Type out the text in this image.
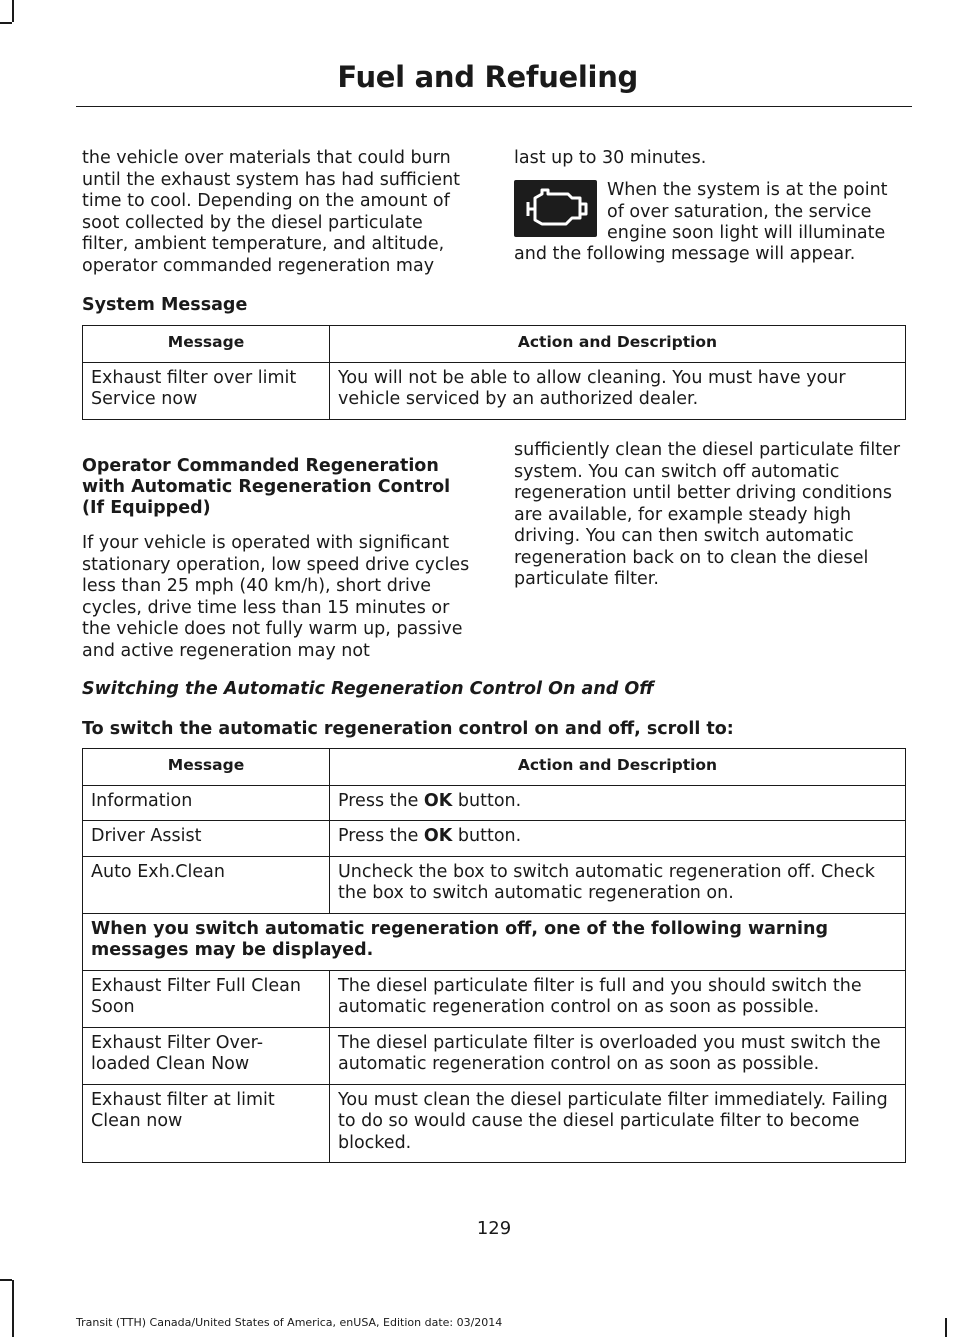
Fuel and Refueling

the vehicle over materials that could burn until the exhaust system has had sufficient time to cool. Depending on the amount of soot collected by the diesel particulate filter, ambient temperature, and altitude, operator commanded regeneration may

last up to 30 minutes.

When the system is at the point of over saturation, the service engine soon light will illuminate
and the following message will appear.
System Message
Message	Action and Description
Exhaust filter over limit Service now	You will not be able to allow cleaning. You must have your vehicle serviced by an authorized dealer.
Operator Commanded Regeneration with Automatic Regeneration Control (If Equipped)

If your vehicle is operated with significant stationary operation, low speed drive cycles less than 25 mph (40 km/h), short drive cycles, drive time less than 15 minutes or the vehicle does not fully warm up, passive and active regeneration may not

sufficiently clean the diesel particulate filter system. You can switch off automatic regeneration until better driving conditions are available, for example steady high driving. You can then switch automatic regeneration back on to clean the diesel particulate filter.

Switching the Automatic Regeneration Control On and Off
To switch the automatic regeneration control on and off, scroll to:
Message	Action and Description
Information	Press the OK button.
Driver Assist	Press the OK button.
Auto Exh.Clean	Uncheck the box to switch automatic regeneration off. Check the box to switch automatic regeneration on.
When you switch automatic regeneration off, one of the following warning messages may be displayed.	
Exhaust Filter Full Clean Soon	The diesel particulate filter is full and you should switch the automatic regeneration control on as soon as possible.
Exhaust Filter Over-loaded Clean Now	The diesel particulate filter is overloaded you must switch the automatic regeneration control on as soon as possible.
Exhaust filter at limit Clean now	You must clean the diesel particulate filter immediately. Failing to do so would cause the diesel particulate filter to become blocked.
129
Transit (TTH) Canada/United States of America, enUSA, Edition date: 03/2014
